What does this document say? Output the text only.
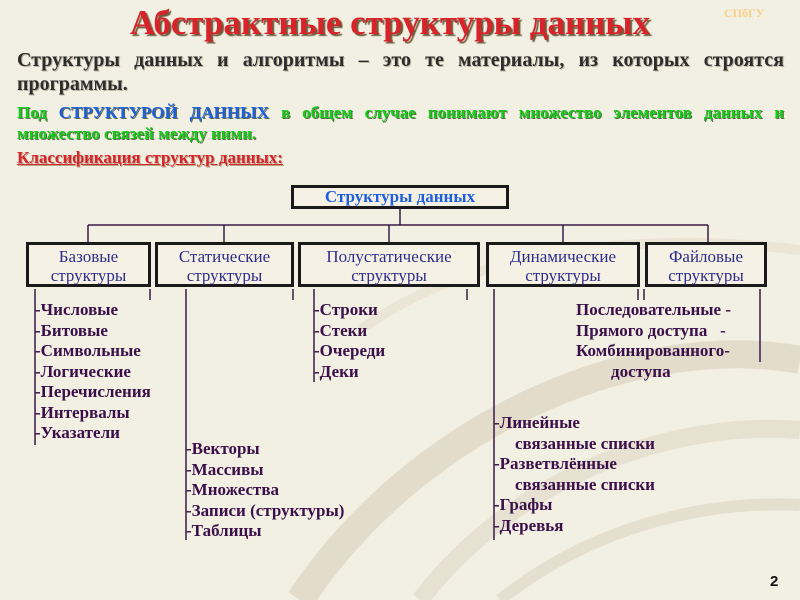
Абстрактные структуры данных	СПбГУ
Структуры данных и алгоритмы – это те материалы, из которых строятся программы.
Под СТРУКТУРОЙ ДАННЫХ в общем случае понимают множество элементов данных и множество связей между ними.
Классификация структур данных:
Структуры данных
Базовые
структуры
Статические
структуры
Полустатические
структуры
Динамические
структуры
Файловые
структуры
-Числовые
-Битовые
-Символьные
-Логические
-Перечисления
-Интервалы
-Указатели
-Векторы
-Массивы
-Множества
-Записи (структуры)
-Таблицы
-Строки
-Стеки
-Очереди
-Деки
-Линейные
связанные списки
-Разветвлённые
связанные списки
-Графы
-Деревья
Последовательные -
Прямого доступа   -
Комбинированного-
доступа
2
